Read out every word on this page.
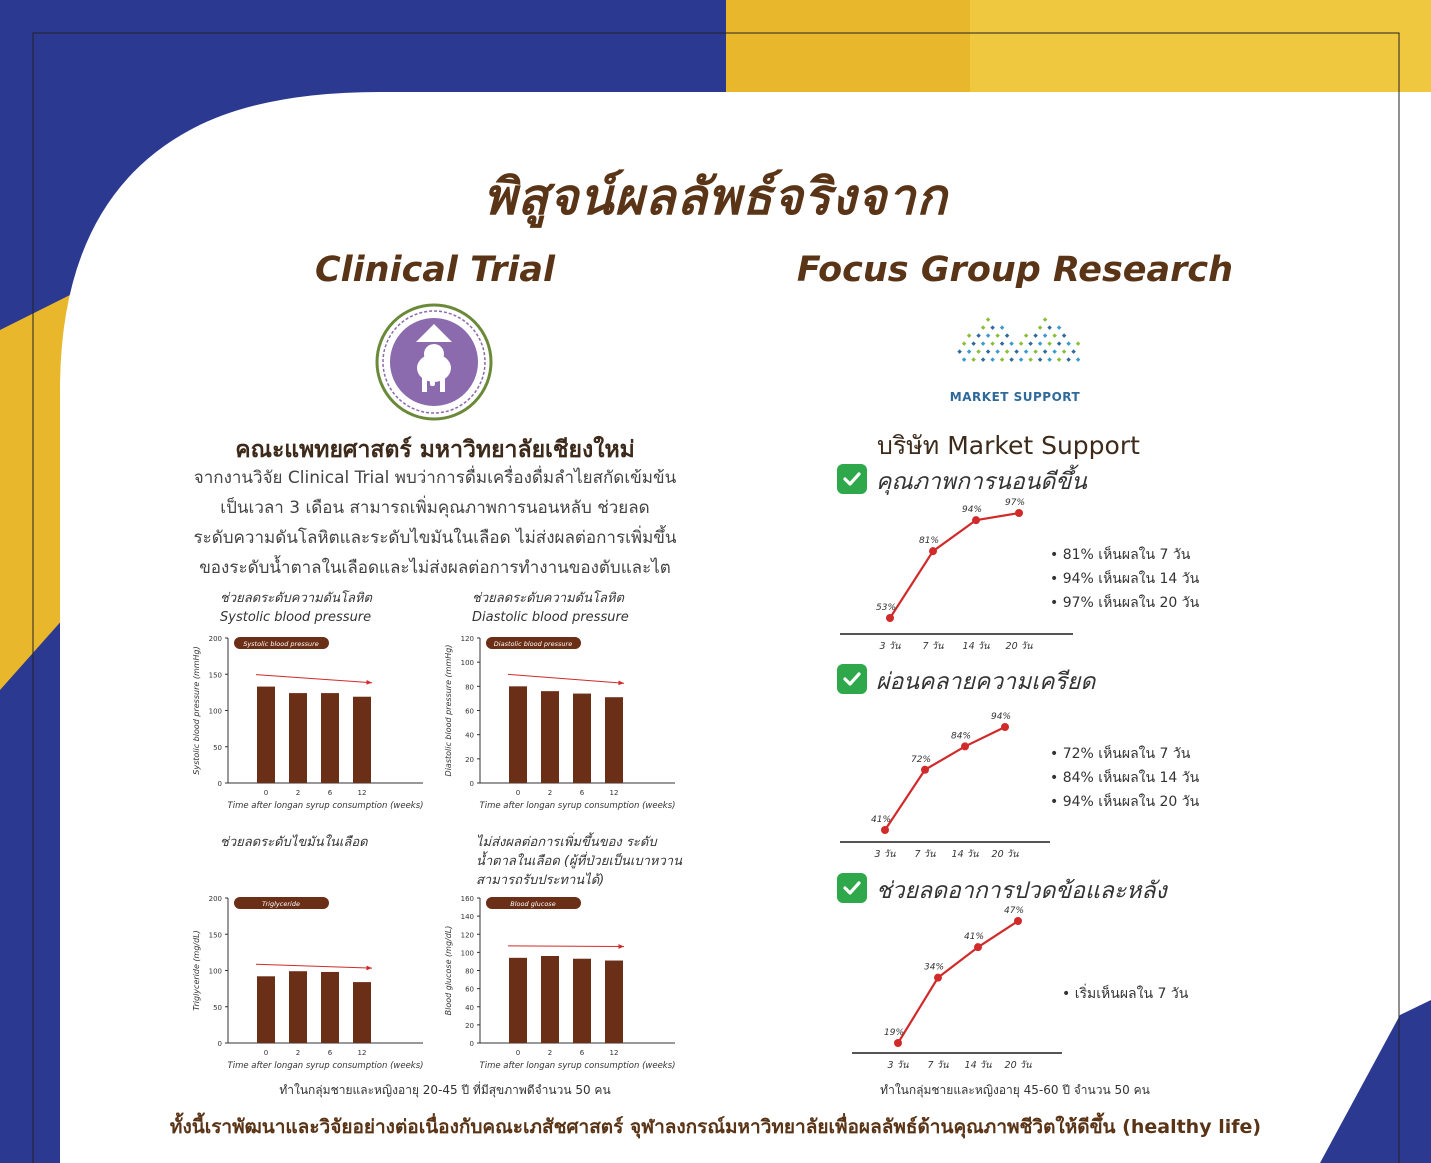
พิสูจน์ผลลัพธ์จริงจาก
Clinical Trial
คณะแพทยศาสตร์ มหาวิทยาลัยเชียงใหม่
จากงานวิจัย Clinical Trial พบว่าการดื่มเครื่องดื่มลำไยสกัดเข้มข้น
เป็นเวลา 3 เดือน สามารถเพิ่มคุณภาพการนอนหลับ ช่วยลด
ระดับความดันโลหิตและระดับไขมันในเลือด ไม่ส่งผลต่อการเพิ่มขึ้น
ของระดับน้ำตาลในเลือดและไม่ส่งผลต่อการทำงานของตับและไต
ช่วยลดระดับความดันโลหิต
Systolic blood pressure
ช่วยลดระดับความดันโลหิต
Diastolic blood pressure
ช่วยลดระดับไขมันในเลือด	ไม่ส่งผลต่อการเพิ่มขึ้นของ ระดับ
น้ำตาลในเลือด (ผู้ที่ป่วยเป็นเบาหวาน
สามารถรับประทานได้)
0
50
100
150
200
Systolic blood pressure (mmHg)
Systolic blood pressure
0	2	6	12
Time after longan syrup consumption (weeks)
0
20
40
60
80
100
120
Diastolic blood pressure (mmHg)
Diastolic blood pressure
0	2	6	12
Time after longan syrup consumption (weeks)
0
50
100
150
200
Triglyceride (mg/dL)
Triglyceride
0	2	6	12
Time after longan syrup consumption (weeks)
0
20
40
60
80
100
120
140
160
Blood glucose (mg/dL)
Blood glucose
0	2	6	12
Time after longan syrup consumption (weeks)
ทำในกลุ่มชายและหญิงอายุ 20-45 ปี ที่มีสุขภาพดีจำนวน 50 คน
Focus Group Research
MARKET SUPPORT
บริษัท Market Support
คุณภาพการนอนดีขึ้น
53%
3 วัน
81%
7 วัน
94%
14 วัน
97%
20 วัน
• 81% เห็นผลใน 7 วัน
• 94% เห็นผลใน 14 วัน
• 97% เห็นผลใน 20 วัน
ผ่อนคลายความเครียด
41%
3 วัน
72%
7 วัน
84%
14 วัน
94%
20 วัน
• 72% เห็นผลใน 7 วัน
• 84% เห็นผลใน 14 วัน
• 94% เห็นผลใน 20 วัน
ช่วยลดอาการปวดข้อและหลัง
19%
3 วัน
34%
7 วัน
41%
14 วัน
47%
20 วัน
• เริ่มเห็นผลใน 7 วัน
ทำในกลุ่มชายและหญิงอายุ 45-60 ปี จำนวน 50 คน
ทั้งนี้เราพัฒนาและวิจัยอย่างต่อเนื่องกับคณะเภสัชศาสตร์ จุฬาลงกรณ์มหาวิทยาลัยเพื่อผลลัพธ์ด้านคุณภาพชีวิตให้ดีขึ้น (healthy life)
